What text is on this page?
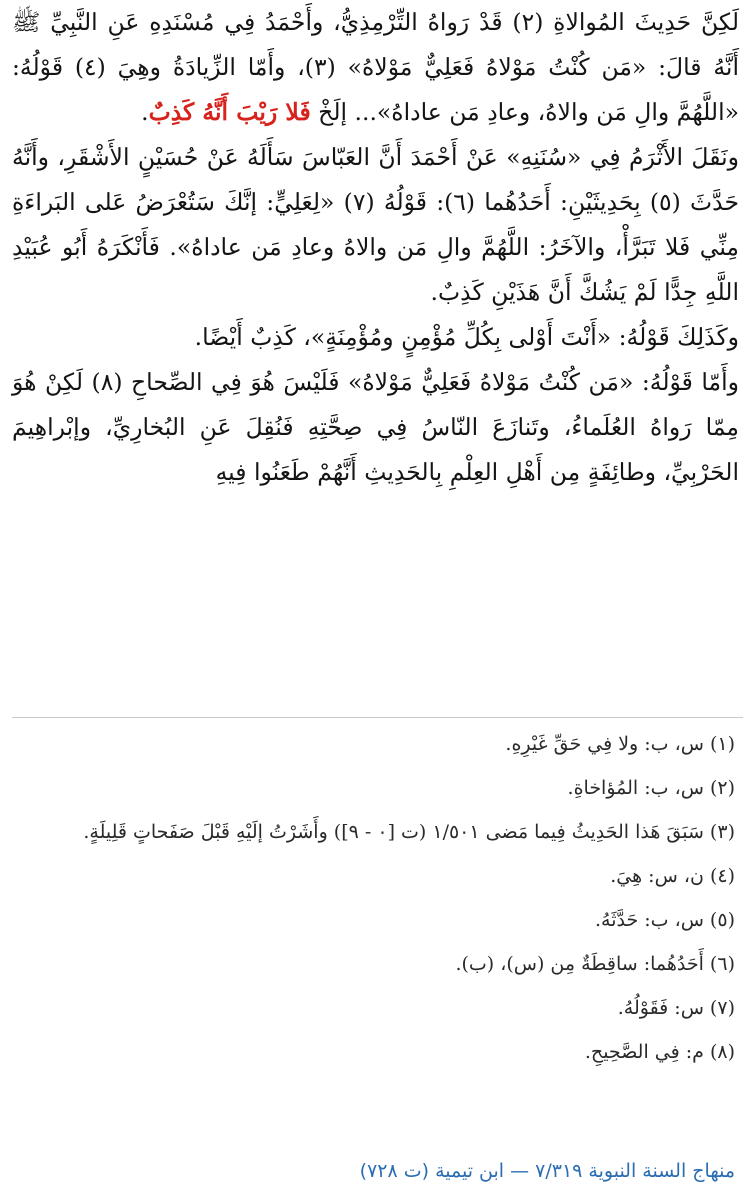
لَكِنَّ حَدِيثَ المُوالاةِ (٢) قَدْ رَواهُ التِّرْمِذِيُّ، وأَحْمَدُ فِي مُسْنَدِهِ عَنِ النَّبِيِّ ﷺ أَنَّهُ قالَ: «مَن كُنْتُ مَوْلاهُ فَعَلِيٌّ مَوْلاهُ» (٣)، وأَمّا الزِّيادَةُ وهِيَ (٤) قَوْلُهُ: «اللَّهُمَّ والِ مَن والاهُ، وعادِ مَن عاداهُ»... إلَخْ فَلا رَيْبَ أَنَّهُ كَذِبٌ.

ونَقَلَ الأَثْرَمُ فِي «سُنَنِهِ» عَنْ أَحْمَدَ أَنَّ العَبّاسَ سَأَلَهُ عَنْ حُسَيْنٍ الأَشْقَرِ، وأَنَّهُ حَدَّثَ (٥) بِحَدِيثَيْنِ: أَحَدُهُما (٦): قَوْلُهُ (٧) «لِعَلِيٍّ: إنَّكَ سَتُعْرَضُ عَلى البَراءَةِ مِنِّي فَلا تَبَرَّأْ، والآخَرُ: اللَّهُمَّ والِ مَن والاهُ وعادِ مَن عاداهُ». فَأَنْكَرَهُ أَبُو عُبَيْدِ اللَّهِ جِدًّا لَمْ يَشُكَّ أَنَّ هَذَيْنِ كَذِبٌ.

وكَذَلِكَ قَوْلُهُ: «أَنْتَ أَوْلى بِكُلِّ مُؤْمِنٍ ومُؤْمِنَةٍ»، كَذِبٌ أَيْضًا.

وأَمّا قَوْلُهُ: «مَن كُنْتُ مَوْلاهُ فَعَلِيٌّ مَوْلاهُ» فَلَيْسَ هُوَ فِي الصِّحاحِ (٨) لَكِنْ هُوَ مِمّا رَواهُ العُلَماءُ، وتَنازَعَ النّاسُ فِي صِحَّتِهِ فَنُقِلَ عَنِ البُخارِيِّ، وإبْراهِيمَ الحَرْبِيِّ، وطائِفَةٍ مِن أَهْلِ العِلْمِ بِالحَدِيثِ أَنَّهُمْ طَعَنُوا فِيهِ

(١) س، ب: ولا فِي حَقِّ غَيْرِهِ.

(٢) س، ب: المُؤاخاةِ.

(٣) سَبَقَ هَذا الحَدِيثُ فِيما مَضى ١/٥٠١ (ت [٠ - ٩]) وأَشَرْتُ إلَيْهِ قَبْلَ صَفَحاتٍ قَلِيلَةٍ.

(٤) ن، س: هِيَ.

(٥) س، ب: حَدَّثَهُ.

(٦) أَحَدُهُما: ساقِطَةٌ مِن (س)، (ب).

(٧) س: فَقَوْلُهُ.

(٨) م: فِي الصَّحِيحِ.

منهاج السنة النبوية ٧/٣١٩ — ابن تيمية (ت ٧٢٨)
